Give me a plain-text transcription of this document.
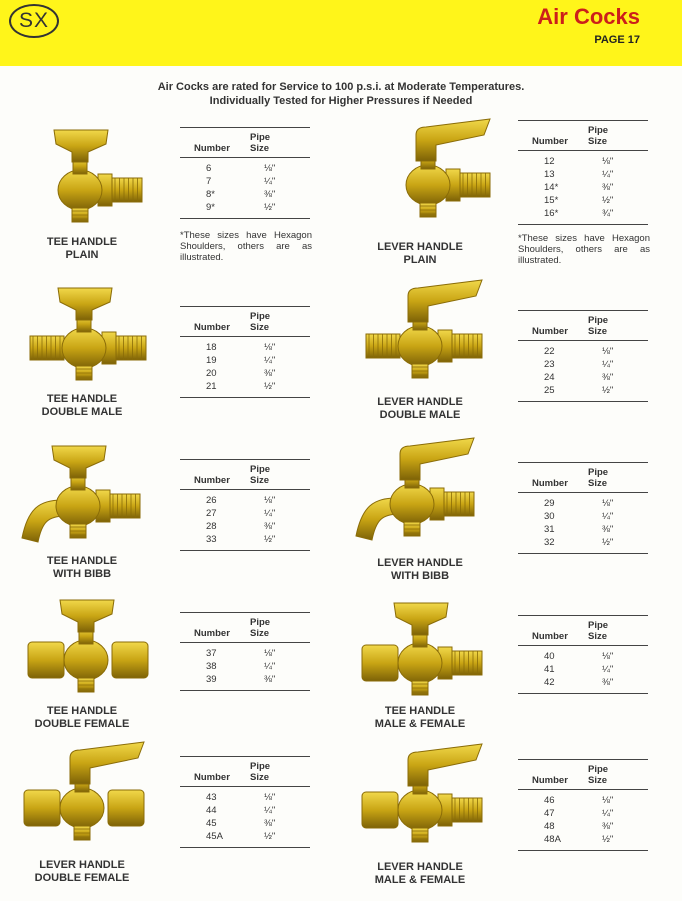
SX	Air Cocks
PAGE 17
Air Cocks are rated for Service to 100 p.s.i. at Moderate Temperatures.
Individually Tested for Higher Pressures if Needed
TEE HANDLE
PLAIN
Number
Pipe
Size
6	⅛"
7	¼"
8*	⅜"
9*	½"
*These sizes have Hexagon Shoulders, others are as illustrated.
LEVER HANDLE
PLAIN
Number
Pipe
Size
12	⅛"
13	¼"
14*	⅜"
15*	½"
16*	¾"
*These sizes have Hexagon Shoulders, others are as illustrated.
TEE HANDLE
DOUBLE MALE
Number
Pipe
Size
18	⅛"
19	¼"
20	⅜"
21	½"
LEVER HANDLE
DOUBLE MALE
Number
Pipe
Size
22	⅛"
23	¼"
24	⅜"
25	½"
TEE HANDLE
WITH BIBB
Number
Pipe
Size
26	⅛"
27	¼"
28	⅜"
33	½"
LEVER HANDLE
WITH BIBB
Number
Pipe
Size
29	⅛"
30	¼"
31	⅜"
32	½"
TEE HANDLE
DOUBLE FEMALE
Number
Pipe
Size
37	⅛"
38	¼"
39	⅜"
TEE HANDLE
MALE & FEMALE
Number
Pipe
Size
40	⅛"
41	¼"
42	⅜"
LEVER HANDLE
DOUBLE FEMALE
Number
Pipe
Size
43	⅛"
44	¼"
45	⅜"
45A	½"
LEVER HANDLE
MALE & FEMALE
Number
Pipe
Size
46	⅛"
47	¼"
48	⅜"
48A	½"
